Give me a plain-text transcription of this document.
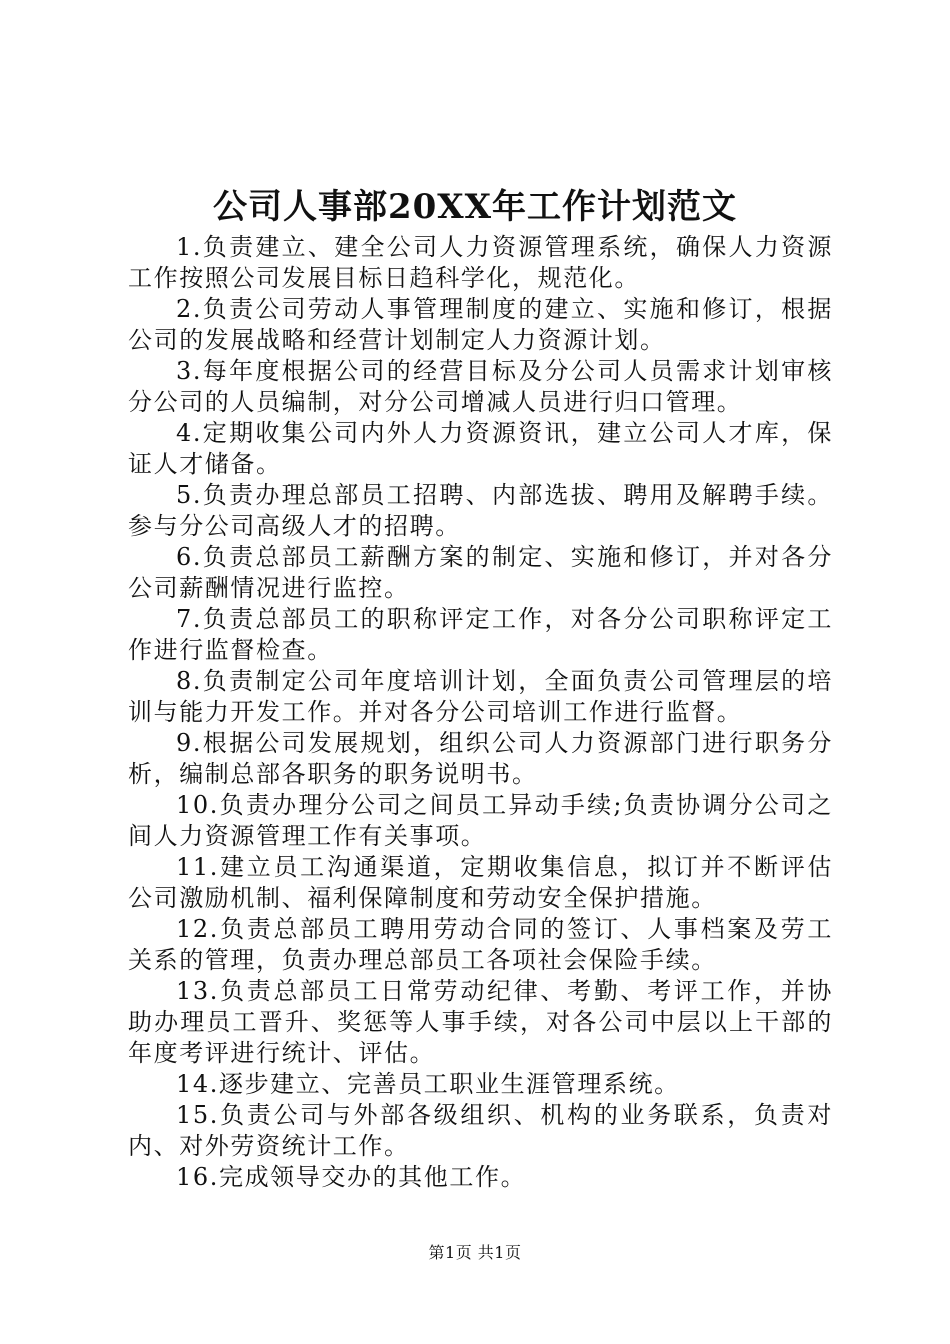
公司人事部20XX年工作计划范文

1.负责建立、建全公司人力资源管理系统，确保人力资源工作按照公司发展目标日趋科学化，规范化。

2.负责公司劳动人事管理制度的建立、实施和修订，根据公司的发展战略和经营计划制定人力资源计划。

3.每年度根据公司的经营目标及分公司人员需求计划审核分公司的人员编制，对分公司增减人员进行归口管理。

4.定期收集公司内外人力资源资讯，建立公司人才库，保证人才储备。

5.负责办理总部员工招聘、内部选拔、聘用及解聘手续。参与分公司高级人才的招聘。

6.负责总部员工薪酬方案的制定、实施和修订，并对各分公司薪酬情况进行监控。

7.负责总部员工的职称评定工作，对各分公司职称评定工作进行监督检查。

8.负责制定公司年度培训计划，全面负责公司管理层的培训与能力开发工作。并对各分公司培训工作进行监督。

9.根据公司发展规划，组织公司人力资源部门进行职务分析，编制总部各职务的职务说明书。

10.负责办理分公司之间员工异动手续;负责协调分公司之间人力资源管理工作有关事项。

11.建立员工沟通渠道，定期收集信息，拟订并不断评估公司激励机制、福利保障制度和劳动安全保护措施。

12.负责总部员工聘用劳动合同的签订、人事档案及劳工关系的管理，负责办理总部员工各项社会保险手续。

13.负责总部员工日常劳动纪律、考勤、考评工作，并协助办理员工晋升、奖惩等人事手续，对各公司中层以上干部的年度考评进行统计、评估。

14.逐步建立、完善员工职业生涯管理系统。

15.负责公司与外部各级组织、机构的业务联系，负责对内、对外劳资统计工作。

16.完成领导交办的其他工作。

第1页 共1页
